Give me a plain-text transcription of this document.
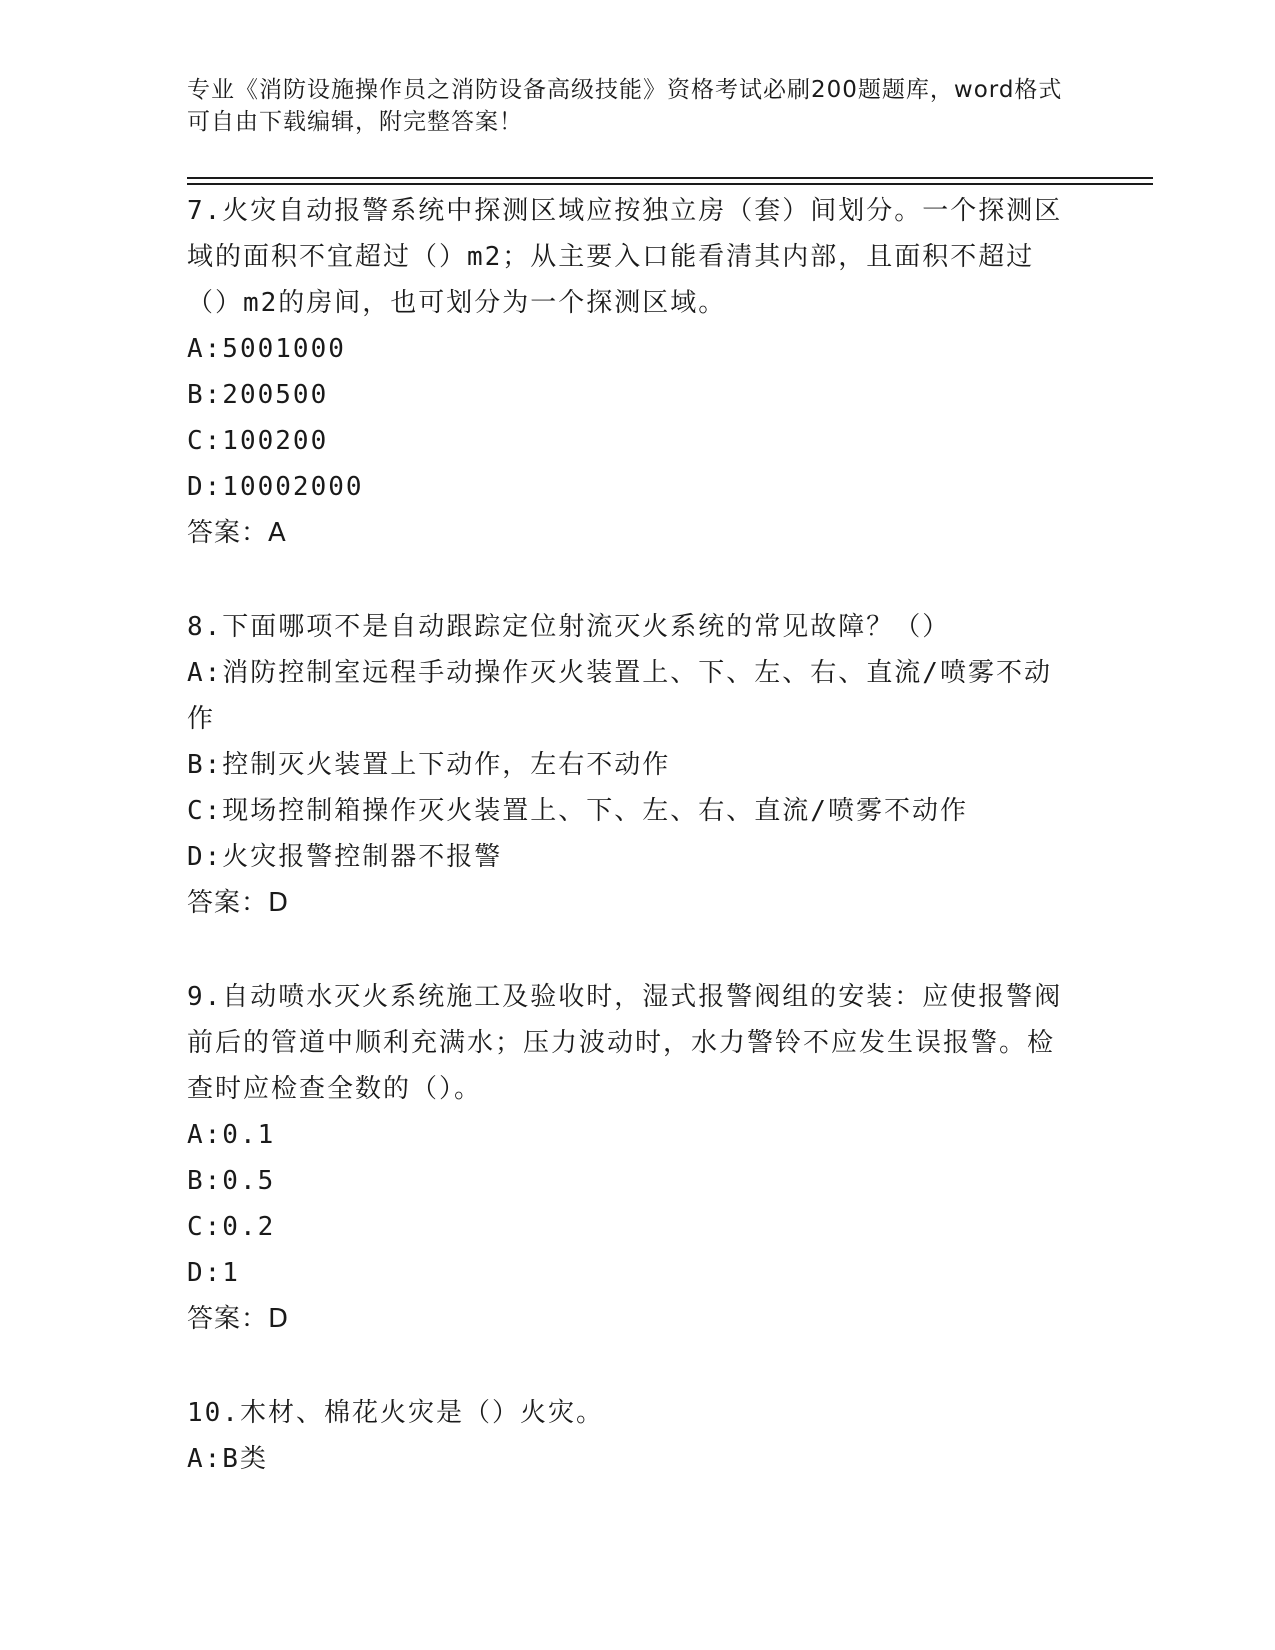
专业《消防设施操作员之消防设备高级技能》资格考试必刷200题题库，word格式可自由下载编辑，附完整答案！

7.火灾自动报警系统中探测区域应按独立房（套）间划分。一个探测区域的面积不宜超过（）m2；从主要入口能看清其内部，且面积不超过（）m2的房间，也可划分为一个探测区域。

A:5001000

B:200500

C:100200

D:10002000

答案：A

8.下面哪项不是自动跟踪定位射流灭火系统的常见故障？（）

A:消防控制室远程手动操作灭火装置上、下、左、右、直流/喷雾不动作

B:控制灭火装置上下动作，左右不动作

C:现场控制箱操作灭火装置上、下、左、右、直流/喷雾不动作

D:火灾报警控制器不报警

答案：D

9.自动喷水灭火系统施工及验收时，湿式报警阀组的安装：应使报警阀前后的管道中顺利充满水；压力波动时，水力警铃不应发生误报警。检查时应检查全数的（）。

A:0.1

B:0.5

C:0.2

D:1

答案：D

10.木材、棉花火灾是（）火灾。

A:B类
